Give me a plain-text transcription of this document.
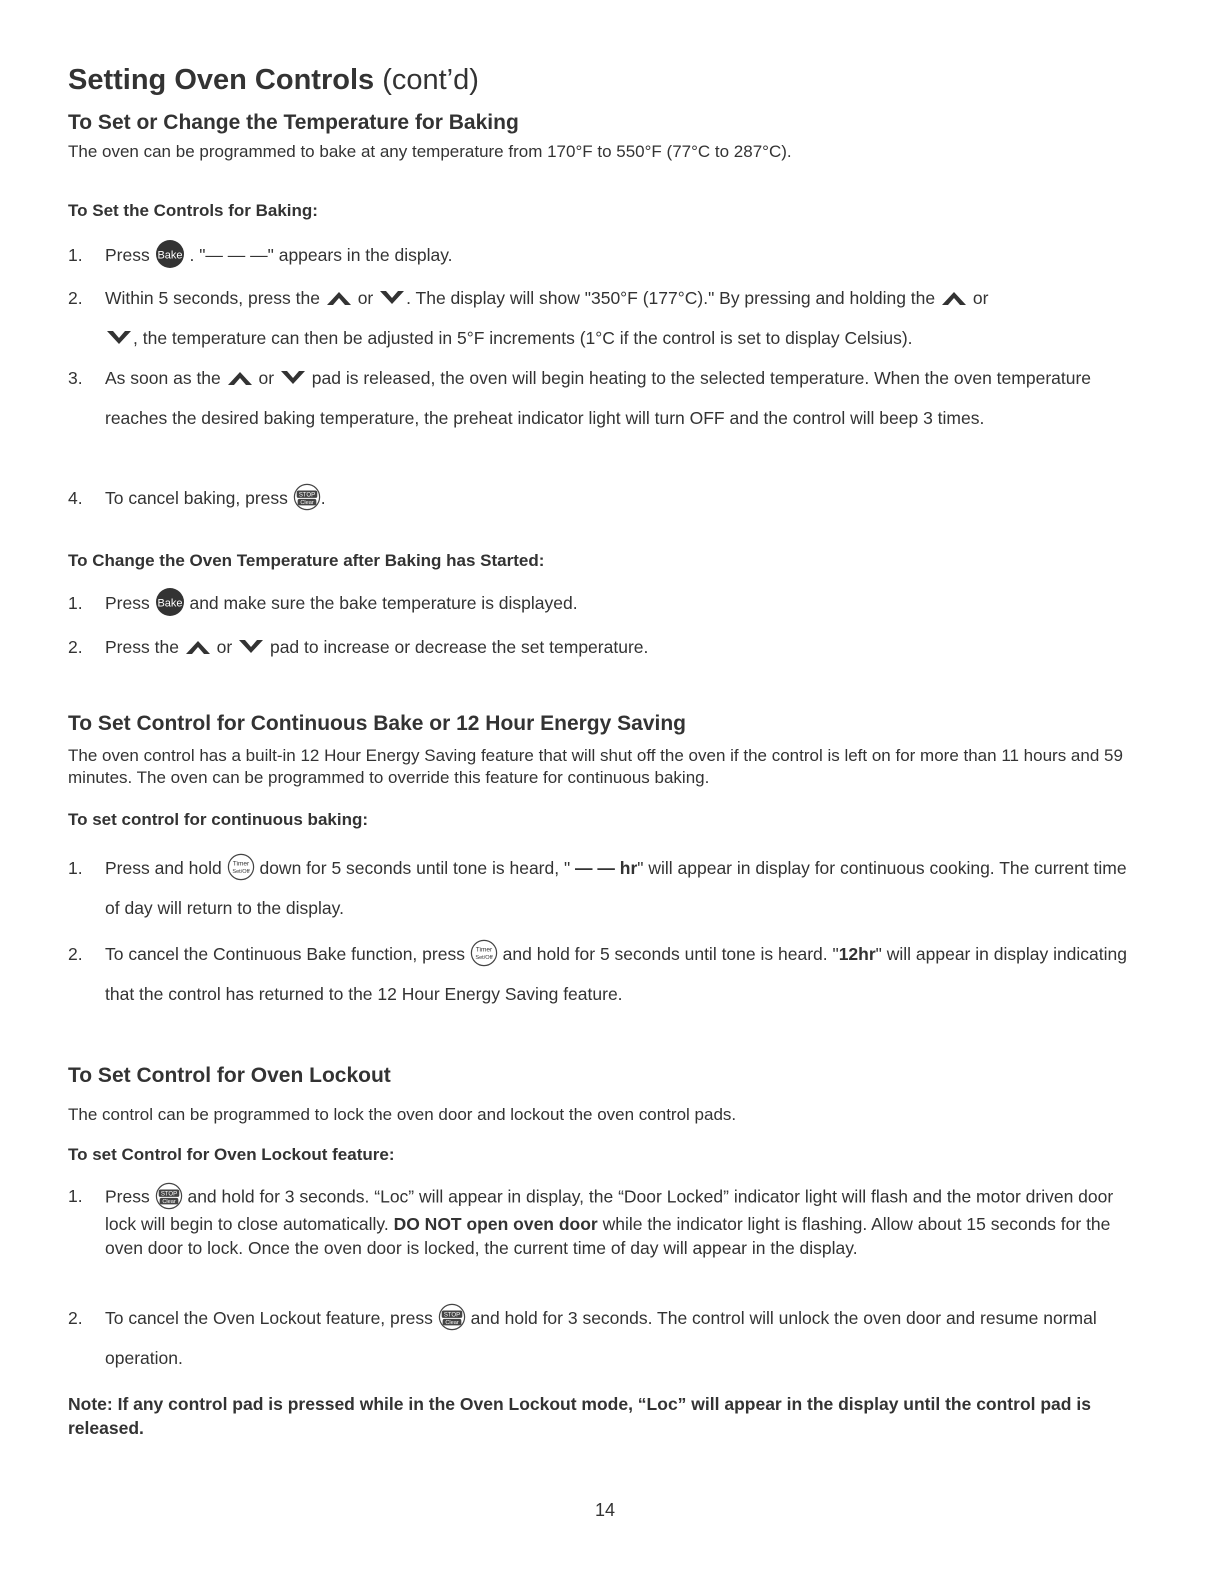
Setting Oven Controls (cont’d)
To Set or Change the Temperature for Baking
The oven can be programmed to bake at any temperature from 170°F to 550°F (77°C to 287°C).
To Set the Controls for Baking:
1. Press  . "— — —" appears in the display.
2. Within 5 seconds, press the  or . The display will show "350°F (177°C)." By pressing and holding the  or
, the temperature can then be adjusted in 5°F increments (1°C if the control is set to display Celsius).
3. As soon as the  or  pad is released, the oven will begin heating to the selected temperature. When the oven temperature reaches the desired baking temperature, the preheat indicator light will turn OFF and the control will beep 3 times.
4. To cancel baking, press .
To Change the Oven Temperature after Baking has Started:
1. Press  and make sure the bake temperature is displayed.
2. Press the  or  pad to increase or decrease the set temperature.
To Set Control for Continuous Bake or 12 Hour Energy Saving
The oven control has a built-in 12 Hour Energy Saving feature that will shut off the oven if the control is left on for more than 11 hours and 59 minutes. The oven can be programmed to override this feature for continuous baking.
To set control for continuous baking:
1. Press and hold  down for 5 seconds until tone is heard, " — — hr" will appear in display for continuous cooking. The current time of day will return to the display.
2. To cancel the Continuous Bake function, press  and hold for 5 seconds until tone is heard. "12hr" will appear in display indicating that the control has returned to the 12 Hour Energy Saving feature.
To Set Control for Oven Lockout
The control can be programmed to lock the oven door and lockout the oven control pads.
To set Control for Oven Lockout feature:
1. Press  and hold for 3 seconds. “Loc” will appear in display, the “Door Locked” indicator light will flash and the motor driven door lock will begin to close automatically. DO NOT open oven door while the indicator light is flashing. Allow about 15 seconds for the oven door to lock. Once the oven door is locked, the current time of day will appear in the display.
2. To cancel the Oven Lockout feature, press  and hold for 3 seconds. The control will unlock the oven door and resume normal operation.
Note: If any control pad is pressed while in the Oven Lockout mode, “Loc” will appear in the display until the control pad is released.
14
